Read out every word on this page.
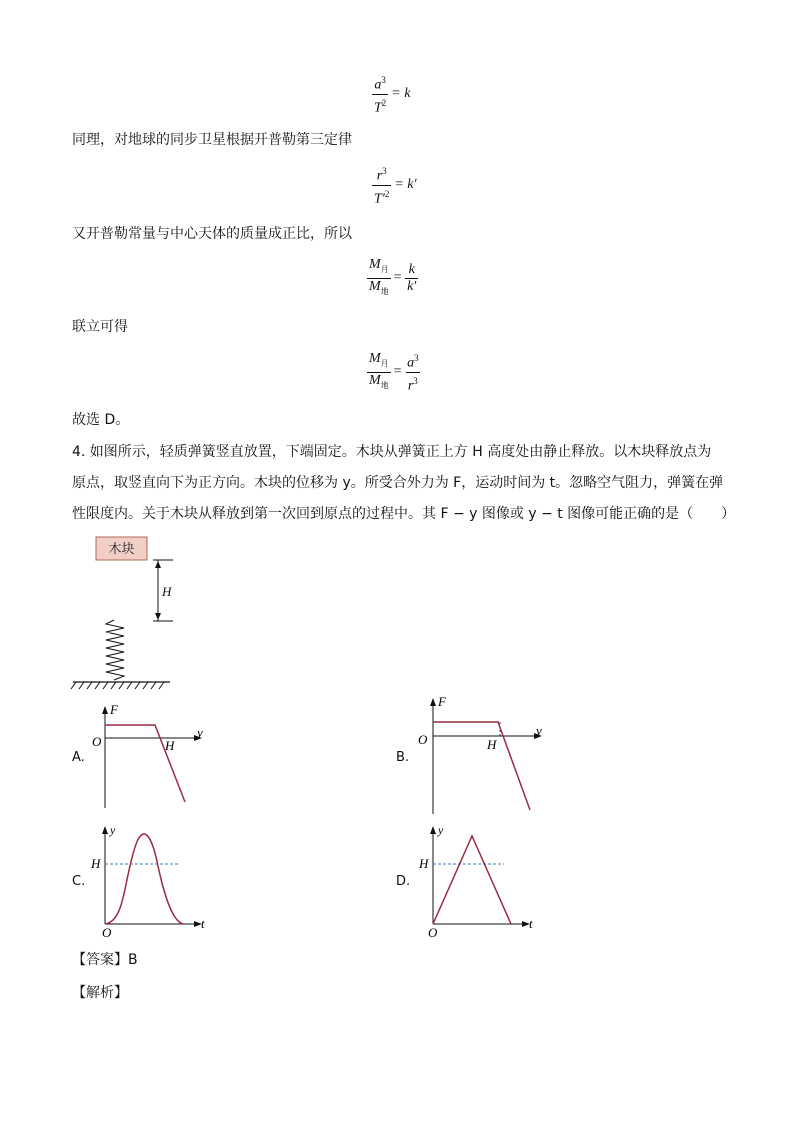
$\frac{a^3}{T^2} = k$
同理，对地球的同步卫星根据开普勒第三定律
$\frac{r^3}{T'^2} = k'$
又开普勒常量与中心天体的质量成正比，所以
$\frac{M_月}{M_地} = \frac{k}{k'}$
联立可得
$\frac{M_月}{M_地} = \frac{a^3}{r^3}$
故选 D。
4. 如图所示，轻质弹簧竖直放置，下端固定。木块从弹簧正上方 H 高度处由静止释放。以木块释放点为
原点，取竖直向下为正方向。木块的位移为 y。所受合外力为 F，运动时间为 t。忽略空气阻力，弹簧在弹
性限度内。关于木块从释放到第一次回到原点的过程中。其 F − y 图像或 y − t 图像可能正确的是（　　）
木块
H
A.
F
y
O	H
B.
F
y
O	H
C.
y
t
O
H
D.
y
t
O
H
【答案】B
【解析】
